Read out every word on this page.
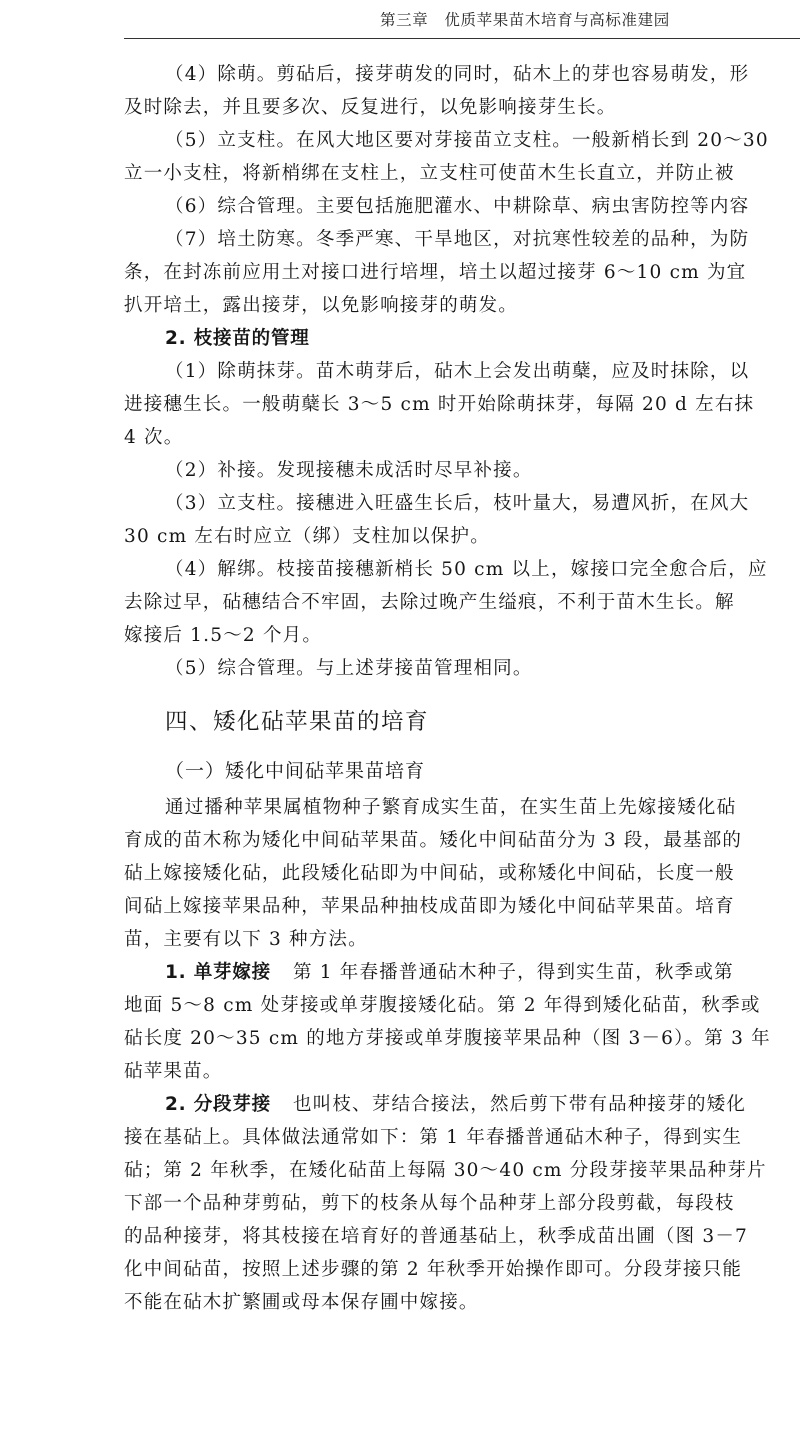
第三章　优质苹果苗木培育与高标准建园
（4）除萌。剪砧后，接芽萌发的同时，砧木上的芽也容易萌发，形
及时除去，并且要多次、反复进行，以免影响接芽生长。
（5）立支柱。在风大地区要对芽接苗立支柱。一般新梢长到 20～30
立一小支柱，将新梢绑在支柱上，立支柱可使苗木生长直立，并防止被
（6）综合管理。主要包括施肥灌水、中耕除草、病虫害防控等内容
（7）培土防寒。冬季严寒、干旱地区，对抗寒性较差的品种，为防
条，在封冻前应用土对接口进行培埋，培土以超过接芽 6～10 cm 为宜
扒开培土，露出接芽，以免影响接芽的萌发。
2. 枝接苗的管理
（1）除萌抹芽。苗木萌芽后，砧木上会发出萌蘖，应及时抹除，以
进接穗生长。一般萌蘖长 3～5 cm 时开始除萌抹芽，每隔 20 d 左右抹
4 次。
（2）补接。发现接穗未成活时尽早补接。
（3）立支柱。接穗进入旺盛生长后，枝叶量大，易遭风折，在风大
30 cm 左右时应立（绑）支柱加以保护。
（4）解绑。枝接苗接穗新梢长 50 cm 以上，嫁接口完全愈合后，应
去除过早，砧穗结合不牢固，去除过晚产生缢痕，不利于苗木生长。解
嫁接后 1.5～2 个月。
（5）综合管理。与上述芽接苗管理相同。
四、矮化砧苹果苗的培育
（一）矮化中间砧苹果苗培育
通过播种苹果属植物种子繁育成实生苗，在实生苗上先嫁接矮化砧
育成的苗木称为矮化中间砧苹果苗。矮化中间砧苗分为 3 段，最基部的
砧上嫁接矮化砧，此段矮化砧即为中间砧，或称矮化中间砧，长度一般
间砧上嫁接苹果品种，苹果品种抽枝成苗即为矮化中间砧苹果苗。培育
苗，主要有以下 3 种方法。
1. 单芽嫁接 第 1 年春播普通砧木种子，得到实生苗，秋季或第
地面 5～8 cm 处芽接或单芽腹接矮化砧。第 2 年得到矮化砧苗，秋季或
砧长度 20～35 cm 的地方芽接或单芽腹接苹果品种（图 3－6）。第 3 年
砧苹果苗。
2. 分段芽接 也叫枝、芽结合接法，然后剪下带有品种接芽的矮化
接在基砧上。具体做法通常如下：第 1 年春播普通砧木种子，得到实生
砧；第 2 年秋季，在矮化砧苗上每隔 30～40 cm 分段芽接苹果品种芽片
下部一个品种芽剪砧，剪下的枝条从每个品种芽上部分段剪截，每段枝
的品种接芽，将其枝接在培育好的普通基砧上，秋季成苗出圃（图 3－7
化中间砧苗，按照上述步骤的第 2 年秋季开始操作即可。分段芽接只能
不能在砧木扩繁圃或母本保存圃中嫁接。
